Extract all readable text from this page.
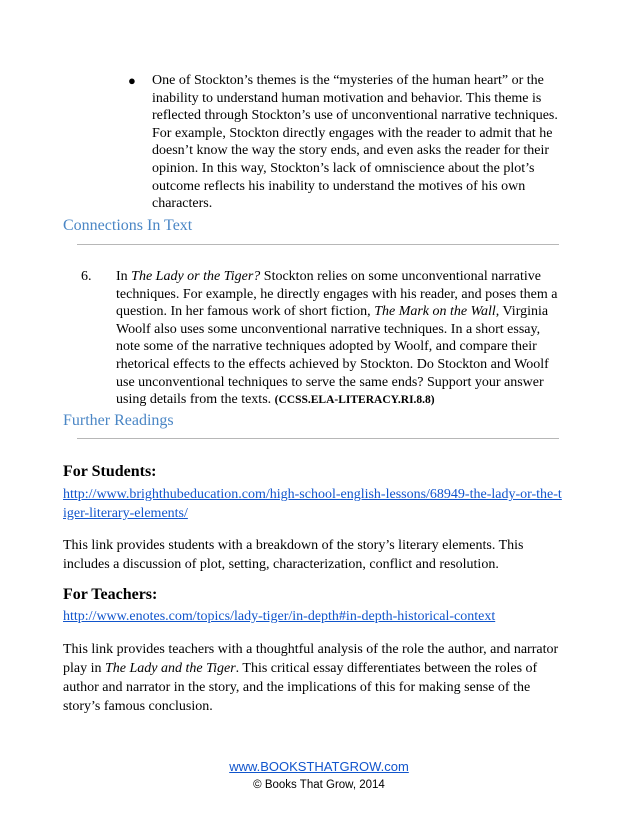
● One of Stockton’s themes is the “mysteries of the human heart” or the inability to understand human motivation and behavior. This theme is reflected through Stockton’s use of unconventional narrative techniques. For example, Stockton directly engages with the reader to admit that he doesn’t know the way the story ends, and even asks the reader for their opinion. In this way, Stockton’s lack of omniscience about the plot’s outcome reflects his inability to understand the motives of his own characters.
Connections In Text
6. In The Lady or the Tiger? Stockton relies on some unconventional narrative techniques. For example, he directly engages with his reader, and poses them a question. In her famous work of short fiction, The Mark on the Wall, Virginia Woolf also uses some unconventional narrative techniques. In a short essay, note some of the narrative techniques adopted by Woolf, and compare their rhetorical effects to the effects achieved by Stockton. Do Stockton and Woolf use unconventional techniques to serve the same ends? Support your answer using details from the texts. (CCSS.ELA-LITERACY.RI.8.8)
Further Readings
For Students:
http://www.brighthubeducation.com/high-school-english-lessons/68949-the-lady-or-the-tiger-literary-elements/
This link provides students with a breakdown of the story’s literary elements. This includes a discussion of plot, setting, characterization, conflict and resolution.
For Teachers:
http://www.enotes.com/topics/lady-tiger/in-depth#in-depth-historical-context
This link provides teachers with a thoughtful analysis of the role the author, and narrator play in The Lady and the Tiger. This critical essay differentiates between the roles of author and narrator in the story, and the implications of this for making sense of the story’s famous conclusion.
www.BOOKSTHATGROW.com
© Books That Grow, 2014
